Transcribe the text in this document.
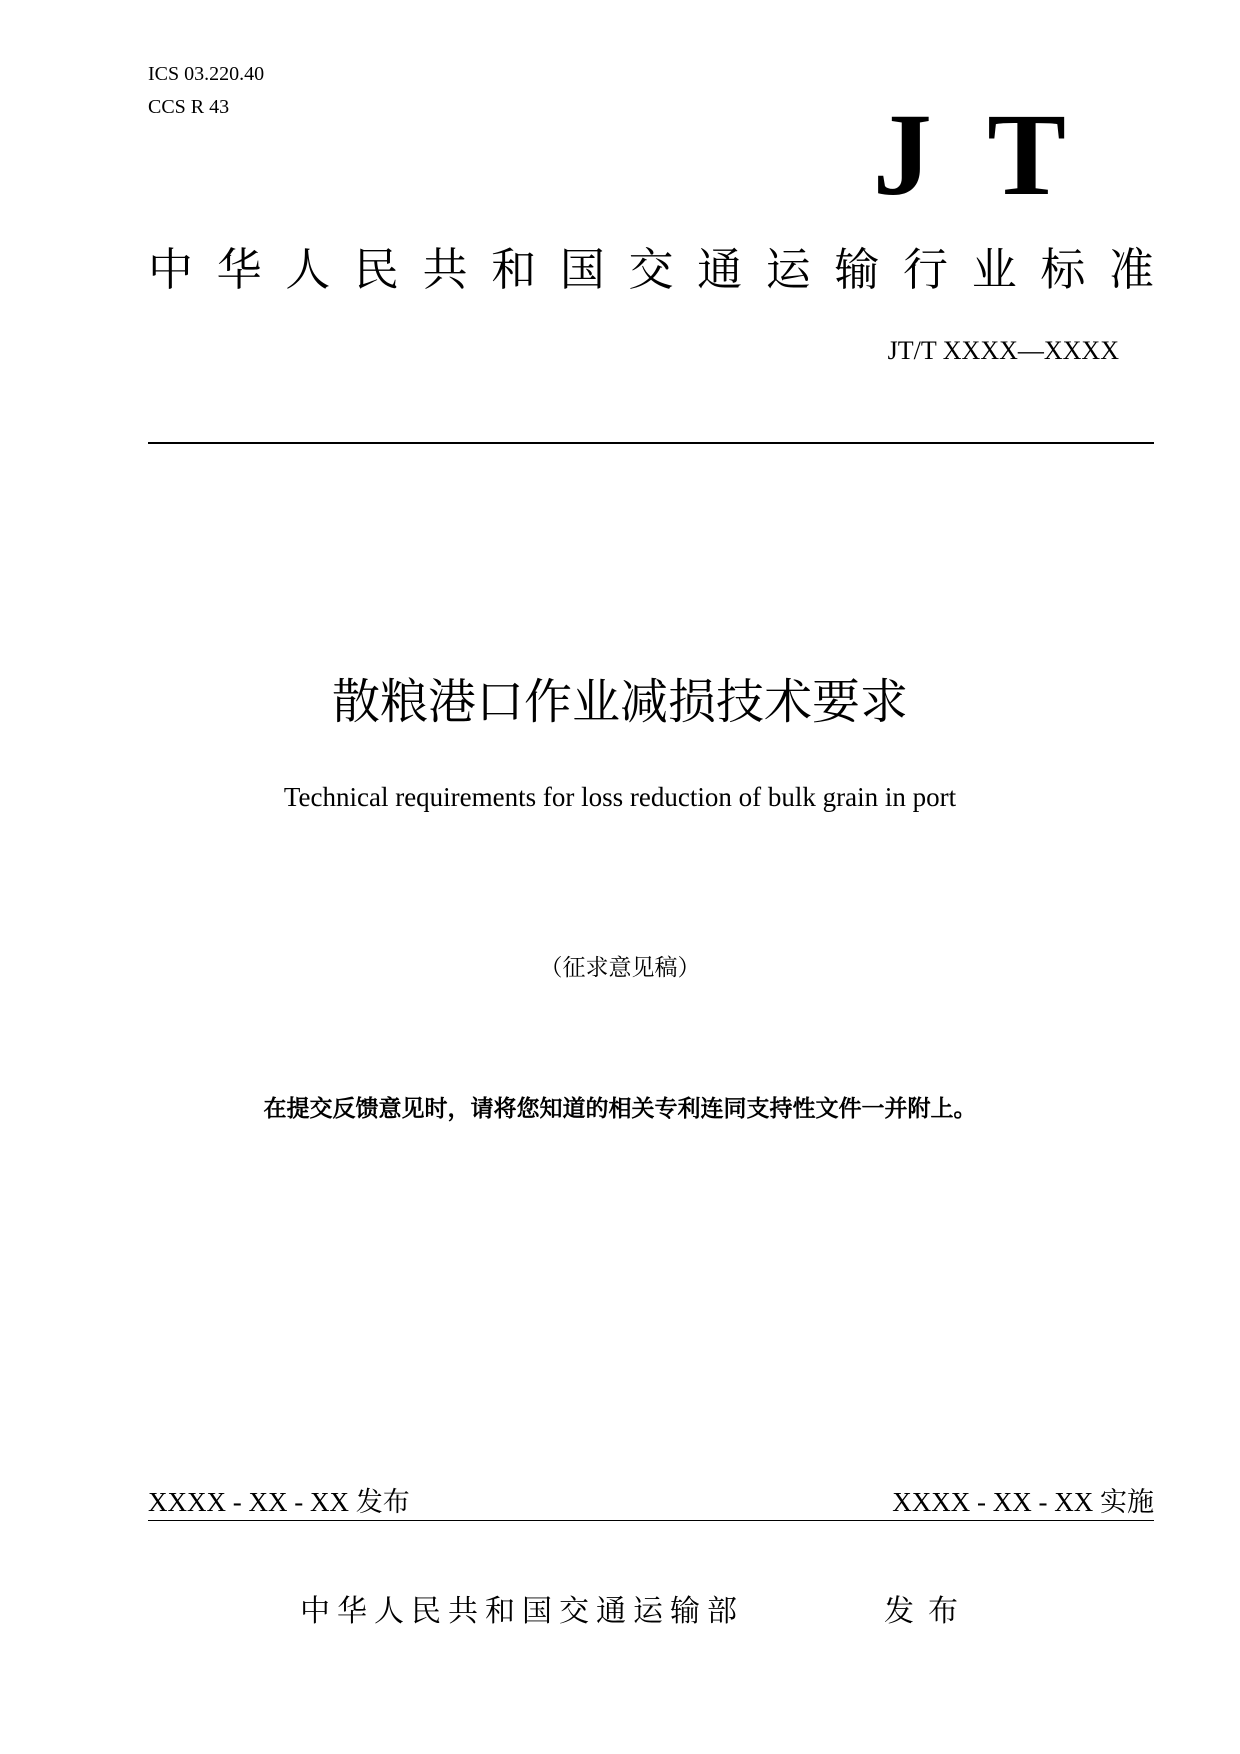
ICS 03.220.40
CCS R 43	J T
中 华 人 民 共 和 国 交 通 运 输 行 业 标 准
JT/T XXXX—XXXX
散粮港口作业减损技术要求
Technical requirements for loss reduction of bulk grain in port
（征求意见稿）
在提交反馈意见时，请将您知道的相关专利连同支持性文件一并附上。
XXXX - XX - XX 发布	XXXX - XX - XX 实施
中华人民共和国交通运输部	发布
